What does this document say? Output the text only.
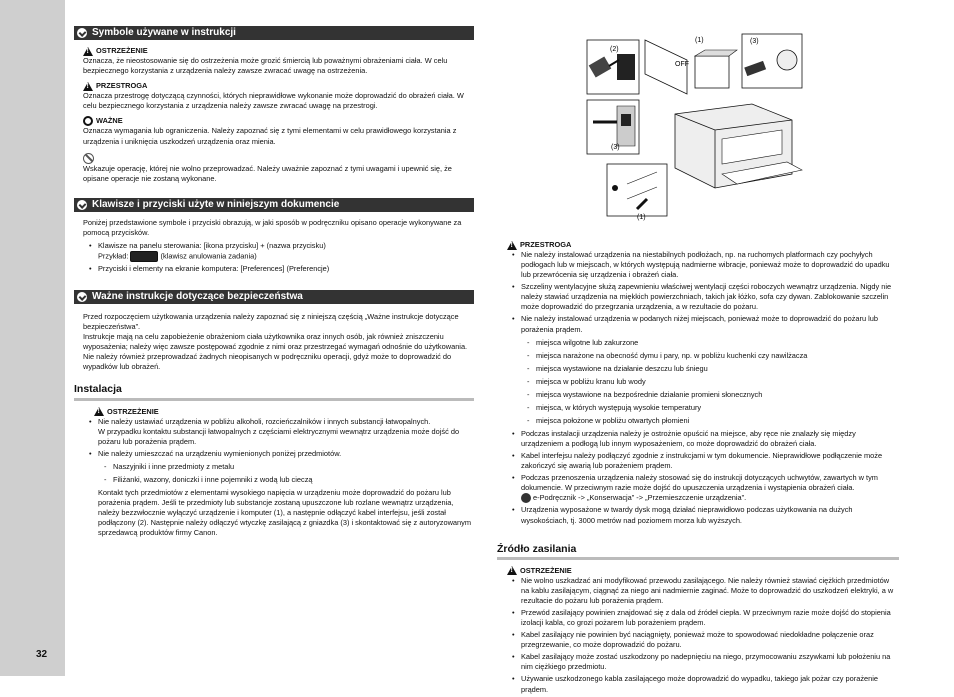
32
Symbole używane w instrukcji
!
OSTRZEŻENIE
Oznacza, że nieostosowanie się do ostrzeżenia może grozić śmiercią lub poważnymi obrażeniami ciała. W celu bezpiecznego korzystania z urządzenia należy zawsze zwracać uwagę na ostrzeżenia.
!
PRZESTROGA
Oznacza przestrogę dotyczącą czynności, których nieprawidłowe wykonanie może doprowadzić do obrażeń ciała. W celu bezpiecznego korzystania z urządzenia należy zawsze zwracać uwagę na przestrogi.
WAŻNE
Oznacza wymagania lub ograniczenia. Należy zapoznać się z tymi elementami w celu prawidłowego korzystania z urządzenia i uniknięcia uszkodzeń urządzenia oraz mienia.
Wskazuje operację, której nie wolno przeprowadzać. Należy uważnie zapoznać z tymi uwagami i upewnić się, że opisane operacje nie zostaną wykonane.
Klawisze i przyciski użyte w niniejszym dokumencie
Poniżej przedstawione symbole i przyciski obrazują, w jaki sposób w podręczniku opisano operacje wykonywane za pomocą przycisków.
• Klawisze na panelu sterowania: [ikona przycisku] + (nazwa przycisku)
Przykład:	(klawisz anulowania zadania)
• Przyciski i elementy na ekranie komputera: [Preferences] (Preferencje)
Ważne instrukcje dotyczące bezpieczeństwa
Przed rozpoczęciem użytkowania urządzenia należy zapoznać się z niniejszą częścią „Ważne instrukcje dotyczące bezpieczeństwa”.
Instrukcje mają na celu zapobieżenie obrażeniom ciała użytkownika oraz innych osób, jak również zniszczeniu wyposażenia; należy więc zawsze postępować zgodnie z nimi oraz przestrzegać wymagań odnośnie do użytkowania.
Nie należy również przeprowadzać żadnych nieopisanych w podręczniku operacji, gdyż może to doprowadzić do wypadków lub obrażeń.
Instalacja
!
OSTRZEŻENIE
• Nie należy ustawiać urządzenia w pobliżu alkoholi, rozcieńczalników i innych substancji łatwopalnych.
W przypadku kontaktu substancji łatwopalnych z częściami elektrycznymi wewnątrz urządzenia może dojść do pożaru lub porażenia prądem.
• Nie należy umieszczać na urządzeniu wymienionych poniżej przedmiotów.
- Naszyjniki i inne przedmioty z metalu
- Filiżanki, wazony, doniczki i inne pojemniki z wodą lub cieczą
Kontakt tych przedmiotów z elementami wysokiego napięcia w urządzeniu może doprowadzić do pożaru lub porażenia prądem. Jeśli te przedmioty lub substancje zostaną upuszczone lub rozlane wewnątrz urządzenia, należy bezzwłocznie wyłączyć urządzenie i komputer (1), a następnie odłączyć kabel interfejsu, jeśli został podłączony (2). Następnie należy odłączyć wtyczkę zasilającą z gniazdka (3) i skontaktować się z autoryzowanym sprzedawcą produktów firmy Canon.
(2)
(1)
OFF
(3)
(3)
(1)
!
PRZESTROGA
• Nie należy instalować urządzenia na niestabilnych podłożach, np. na ruchomych platformach czy pochyłych podłogach lub w miejscach, w których występują nadmierne wibracje, ponieważ może to doprowadzić do upadku lub przewrócenia się urządzenia i obrażeń ciała.
• Szczeliny wentylacyjne służą zapewnieniu właściwej wentylacji części roboczych wewnątrz urządzenia. Nigdy nie należy stawiać urządzenia na miękkich powierzchniach, takich jak łóżko, sofa czy dywan. Zablokowanie szczelin może doprowadzić do przegrzania urządzenia, a w rezultacie do pożaru.
• Nie należy instalować urządzenia w podanych niżej miejscach, ponieważ może to doprowadzić do pożaru lub porażenia prądem.
- miejsca wilgotne lub zakurzone
- miejsca narażone na obecność dymu i pary, np. w pobliżu kuchenki czy nawilżacza
- miejsca wystawione na działanie deszczu lub śniegu
- miejsca w pobliżu kranu lub wody
- miejsca wystawione na bezpośrednie działanie promieni słonecznych
- miejsca, w których występują wysokie temperatury
- miejsca położone w pobliżu otwartych płomieni
• Podczas instalacji urządzenia należy je ostrożnie opuścić na miejsce, aby ręce nie znalazły się między urządzeniem a podłogą lub innym wyposażeniem, co może doprowadzić do obrażeń ciała.
• Kabel interfejsu należy podłączyć zgodnie z instrukcjami w tym dokumencie. Nieprawidłowe podłączenie może zakończyć się awarią lub porażeniem prądem.
• Podczas przenoszenia urządzenia należy stosować się do instrukcji dotyczących uchwytów, zawartych w tym dokumencie. W przeciwnym razie może dojść do upuszczenia urządzenia i wystąpienia obrażeń ciała.
e-Podręcznik -> „Konserwacja” -> „Przemieszczenie urządzenia”.
• Urządzenia wyposażone w twardy dysk mogą działać nieprawidłowo podczas użytkowania na dużych wysokościach, tj. 3000 metrów nad poziomem morza lub wyższych.
Źródło zasilania
!
OSTRZEŻENIE
• Nie wolno uszkadzać ani modyfikować przewodu zasilającego. Nie należy również stawiać ciężkich przedmiotów na kablu zasilającym, ciągnąć za niego ani nadmiernie zaginać. Może to doprowadzić do uszkodzeń elektryki, a w rezultacie do pożaru lub porażenia prądem.
• Przewód zasilający powinien znajdować się z dala od źródeł ciepła. W przeciwnym razie może dojść do stopienia izolacji kabla, co grozi pożarem lub porażeniem prądem.
• Kabel zasilający nie powinien być naciągnięty, ponieważ może to spowodować niedokładne połączenie oraz przegrzewanie, co może doprowadzić do pożaru.
• Kabel zasilający może zostać uszkodzony po nadepnięciu na niego, przymocowaniu zszywkami lub położeniu na nim ciężkiego przedmiotu.
• Używanie uszkodzonego kabla zasilającego może doprowadzić do wypadku, takiego jak pożar czy porażenie prądem.
